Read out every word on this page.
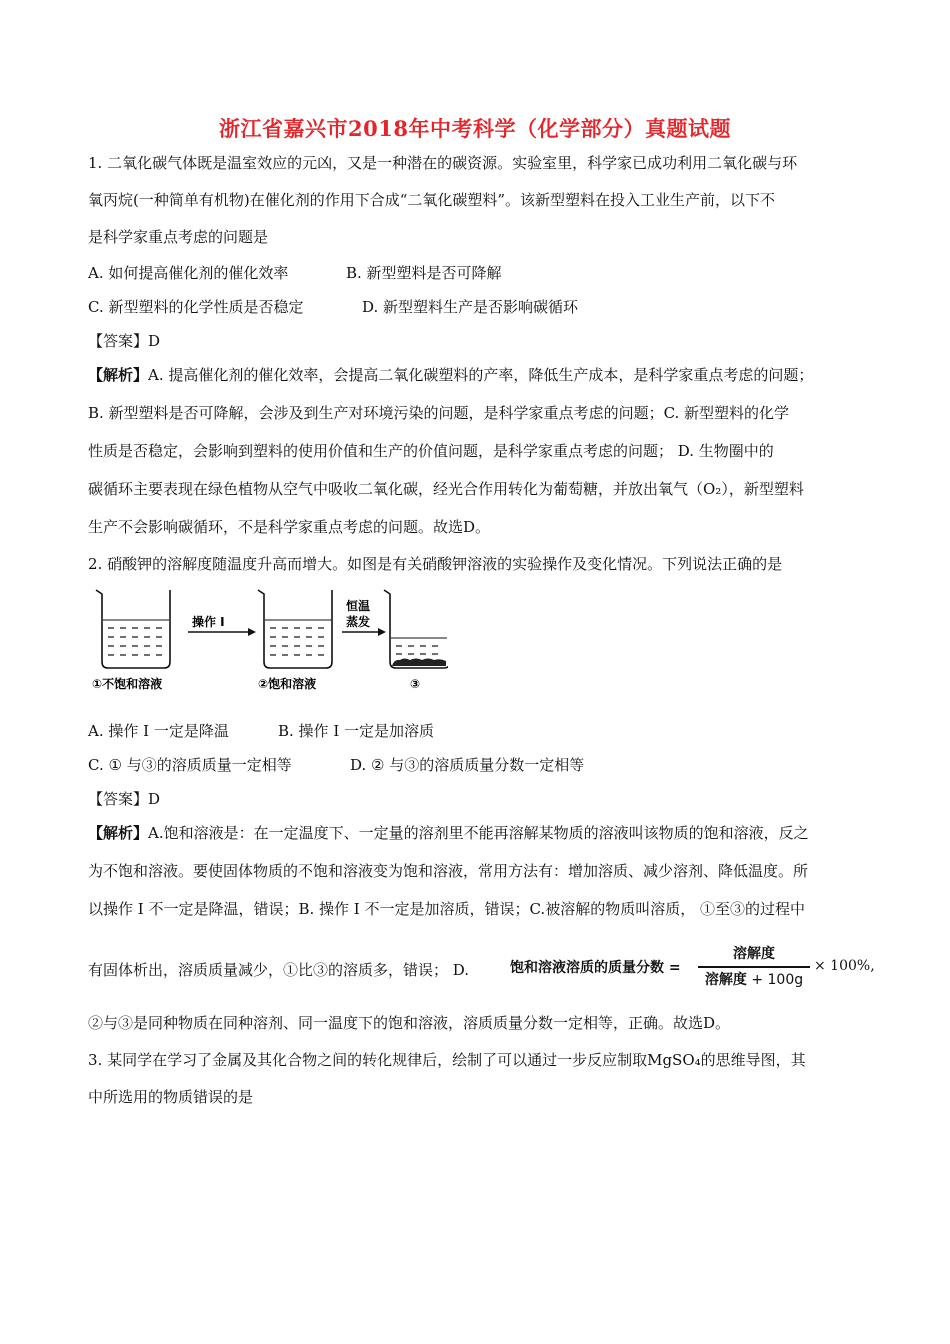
浙江省嘉兴市2018年中考科学（化学部分）真题试题
1. 二氧化碳气体既是温室效应的元凶，又是一种潜在的碳资源。实验室里，科学家已成功利用二氧化碳与环
氧丙烷(一种简单有机物)在催化剂的作用下合成“二氧化碳塑料”。该新型塑料在投入工业生产前，以下不
是科学家重点考虑的问题是
A. 如何提高催化剂的催化效率	B. 新型塑料是否可降解
C. 新型塑料的化学性质是否稳定	D. 新型塑料生产是否影响碳循环
【答案】D
【解析】A. 提高催化剂的催化效率，会提高二氧化碳塑料的产率，降低生产成本，是科学家重点考虑的问题；
B. 新型塑料是否可降解，会涉及到生产对环境污染的问题，是科学家重点考虑的问题；C. 新型塑料的化学
性质是否稳定，会影响到塑料的使用价值和生产的价值问题，是科学家重点考虑的问题； D. 生物圈中的
碳循环主要表现在绿色植物从空气中吸收二氧化碳，经光合作用转化为葡萄糖，并放出氧气（O₂），新型塑料
生产不会影响碳循环，不是科学家重点考虑的问题。故选D。
2. 硝酸钾的溶解度随温度升高而增大。如图是有关硝酸钾溶液的实验操作及变化情况。下列说法正确的是
操作 I
恒温
蒸发
①不饱和溶液	②饱和溶液	③
A. 操作 I 一定是降温	B. 操作 I 一定是加溶质
C. ① 与③的溶质质量一定相等	D. ② 与③的溶质质量分数一定相等
【答案】D
【解析】A.饱和溶液是：在一定温度下、一定量的溶剂里不能再溶解某物质的溶液叫该物质的饱和溶液，反之
为不饱和溶液。要使固体物质的不饱和溶液变为饱和溶液，常用方法有：增加溶质、减少溶剂、降低温度。所
以操作 I 不一定是降温，错误；B. 操作 I 不一定是加溶质，错误；C.被溶解的物质叫溶质， ①至③的过程中
有固体析出，溶质质量减少，①比③的溶质多，错误； D.	饱和溶液溶质的质量分数 =
溶解度
溶解度 + 100g
× 100%,
②与③是同种物质在同种溶剂、同一温度下的饱和溶液，溶质质量分数一定相等，正确。故选D。
3. 某同学在学习了金属及其化合物之间的转化规律后，绘制了可以通过一步反应制取MgSO₄的思维导图，其
中所选用的物质错误的是
